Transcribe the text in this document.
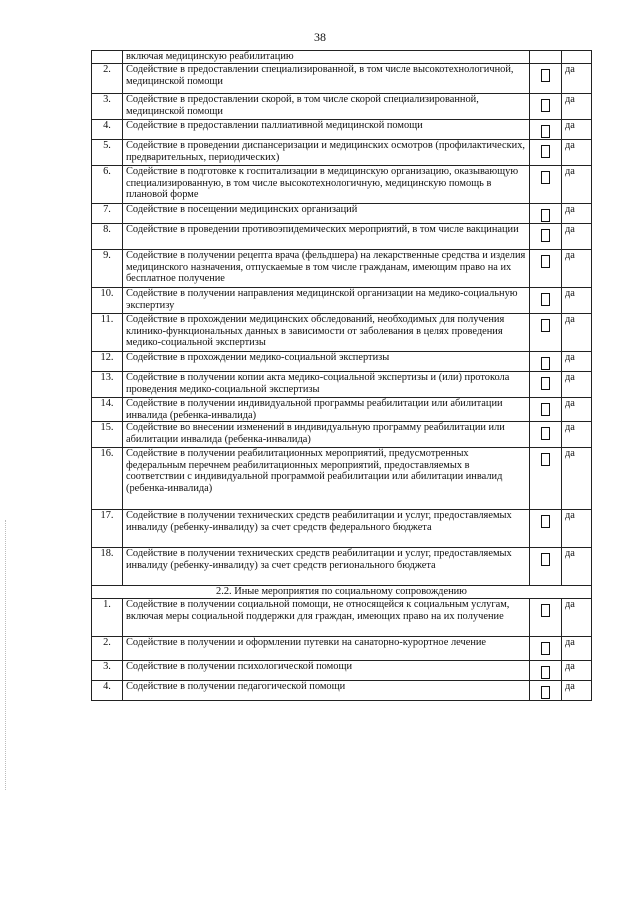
38
	включая медицинскую реабилитацию		
2.	Содействие в предоставлении специализированной, в том числе высокотехнологичной, медицинской помощи		да
3.	Содействие в предоставлении скорой, в том числе скорой специализированной, медицинской помощи		да
4.	Содействие в предоставлении паллиативной медицинской помощи		да
5.	Содействие в проведении диспансеризации и медицинских осмотров (профилактических, предварительных, периодических)		да
6.	Содействие в подготовке к госпитализации в медицинскую организацию, оказывающую специализированную, в том числе высокотехнологичную, медицинскую помощь в плановой форме		да
7.	Содействие в посещении медицинских организаций		да
8.	Содействие в проведении противоэпидемических мероприятий, в том числе вакцинации		да
9.	Содействие в получении рецепта врача (фельдшера) на лекарственные средства и изделия медицинского назначения, отпускаемые в том числе гражданам, имеющим право на их бесплатное получение		да
10.	Содействие в получении направления медицинской организации на медико-социальную экспертизу		да
11.	Содействие в прохождении медицинских обследований, необходимых для получения клинико-функциональных данных в зависимости от заболевания в целях проведения медико-социальной экспертизы		да
12.	Содействие в прохождении медико-социальной экспертизы		да
13.	Содействие в получении копии акта медико-социальной экспертизы и (или) протокола проведения медико-социальной экспертизы		да
14.	Содействие в получении индивидуальной программы реабилитации или абилитации инвалида (ребенка-инвалида)		да
15.	Содействие во внесении изменений в индивидуальную программу реабилитации или абилитации инвалида (ребенка-инвалида)		да
16.	Содействие в получении реабилитационных мероприятий, предусмотренных федеральным перечнем реабилитационных мероприятий, предоставляемых в соответствии с индивидуальной программой реабилитации или абилитации инвалид (ребенка-инвалида)		да
17.	Содействие в получении технических средств реабилитации и услуг, предоставляемых инвалиду (ребенку-инвалиду) за счет средств федерального бюджета		да
18.	Содействие в получении технических средств реабилитации и услуг, предоставляемых инвалиду (ребенку-инвалиду) за счет средств регионального бюджета		да
2.2. Иные мероприятия по социальному сопровождению			
1.	Содействие в получении социальной помощи, не относящейся к социальным услугам, включая меры социальной поддержки для граждан, имеющих право на их получение		да
2.	Содействие в получении и оформлении путевки на санаторно-курортное лечение		да
3.	Содействие в получении психологической помощи		да
4.	Содействие в получении педагогической помощи		да
